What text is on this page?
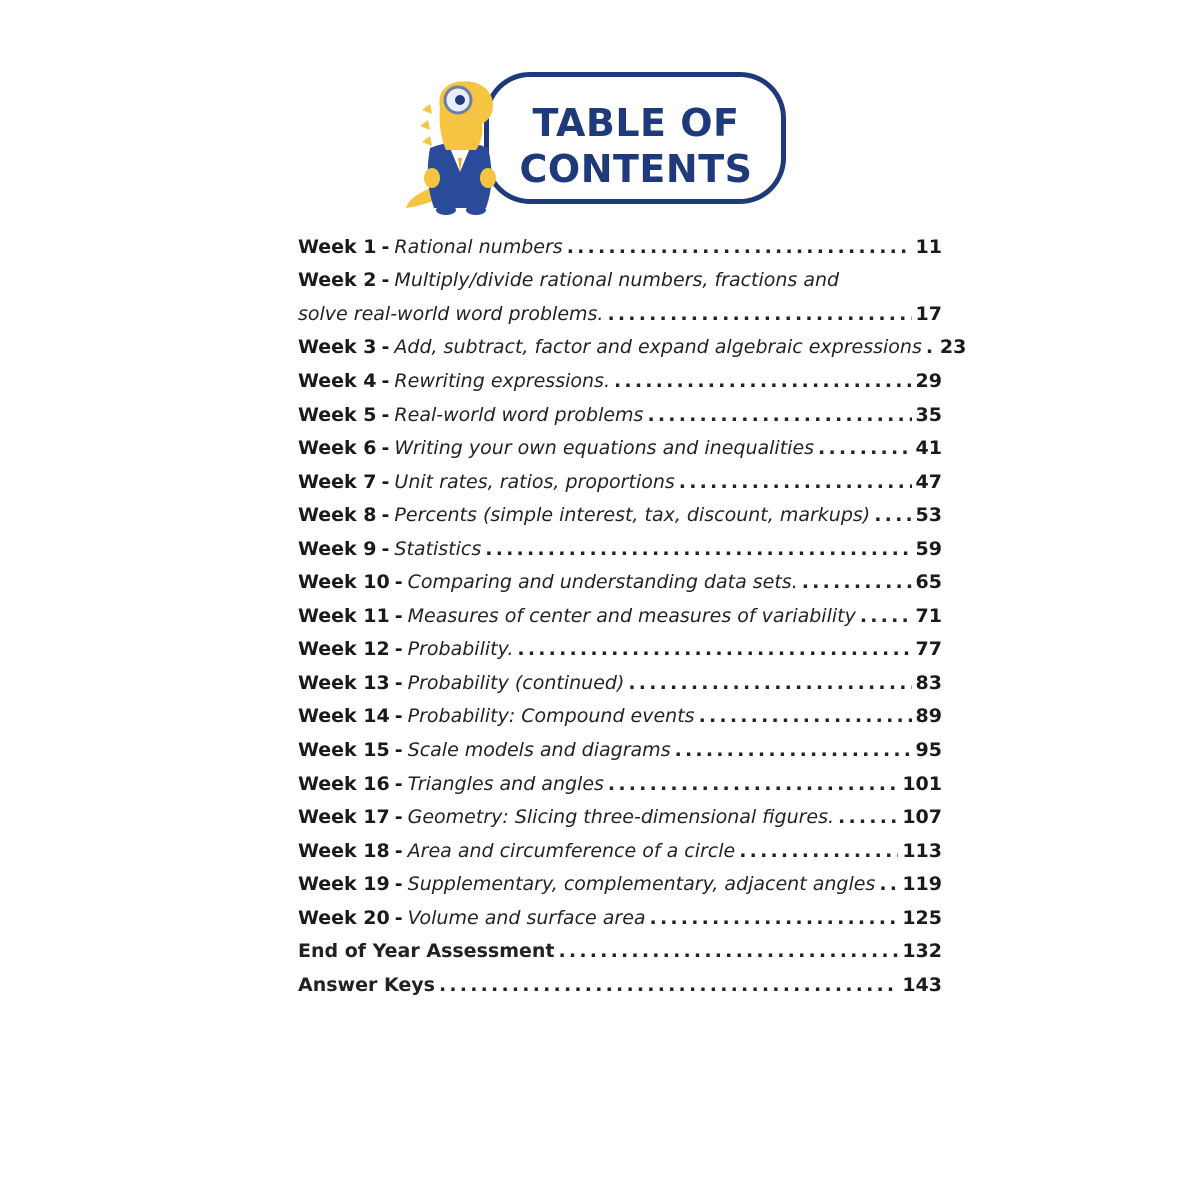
TABLE OF
CONTENTS
Week 1 - Rational numbers .....	11
Week 2 - Multiply/divide rational numbers, fractions and
solve real-world word problems. .....	17
Week 3 - Add, subtract, factor and expand algebraic expressions ..... 23
Week 4 - Rewriting expressions. .....	29
Week 5 - Real-world word problems .....	35
Week 6 - Writing your own equations and inequalities .....	41
Week 7 - Unit rates, ratios, proportions .....	47
Week 8 - Percents (simple interest, tax, discount, markups) ..... 53
Week 9 - Statistics .....	59
Week 10 - Comparing and understanding data sets. .....	65
Week 11 - Measures of center and measures of variability .....	71
Week 12 - Probability. .....	77
Week 13 - Probability (continued) .....	83
Week 14 - Probability: Compound events .....	89
Week 15 - Scale models and diagrams .....	95
Week 16 - Triangles and angles .....	101
Week 17 - Geometry: Slicing three-dimensional figures. .....	107
Week 18 - Area and circumference of a circle .....	113
Week 19 - Supplementary, complementary, adjacent angles ..... 119
Week 20 - Volume and surface area .....	125
End of Year Assessment .....	132
Answer Keys .....	143
